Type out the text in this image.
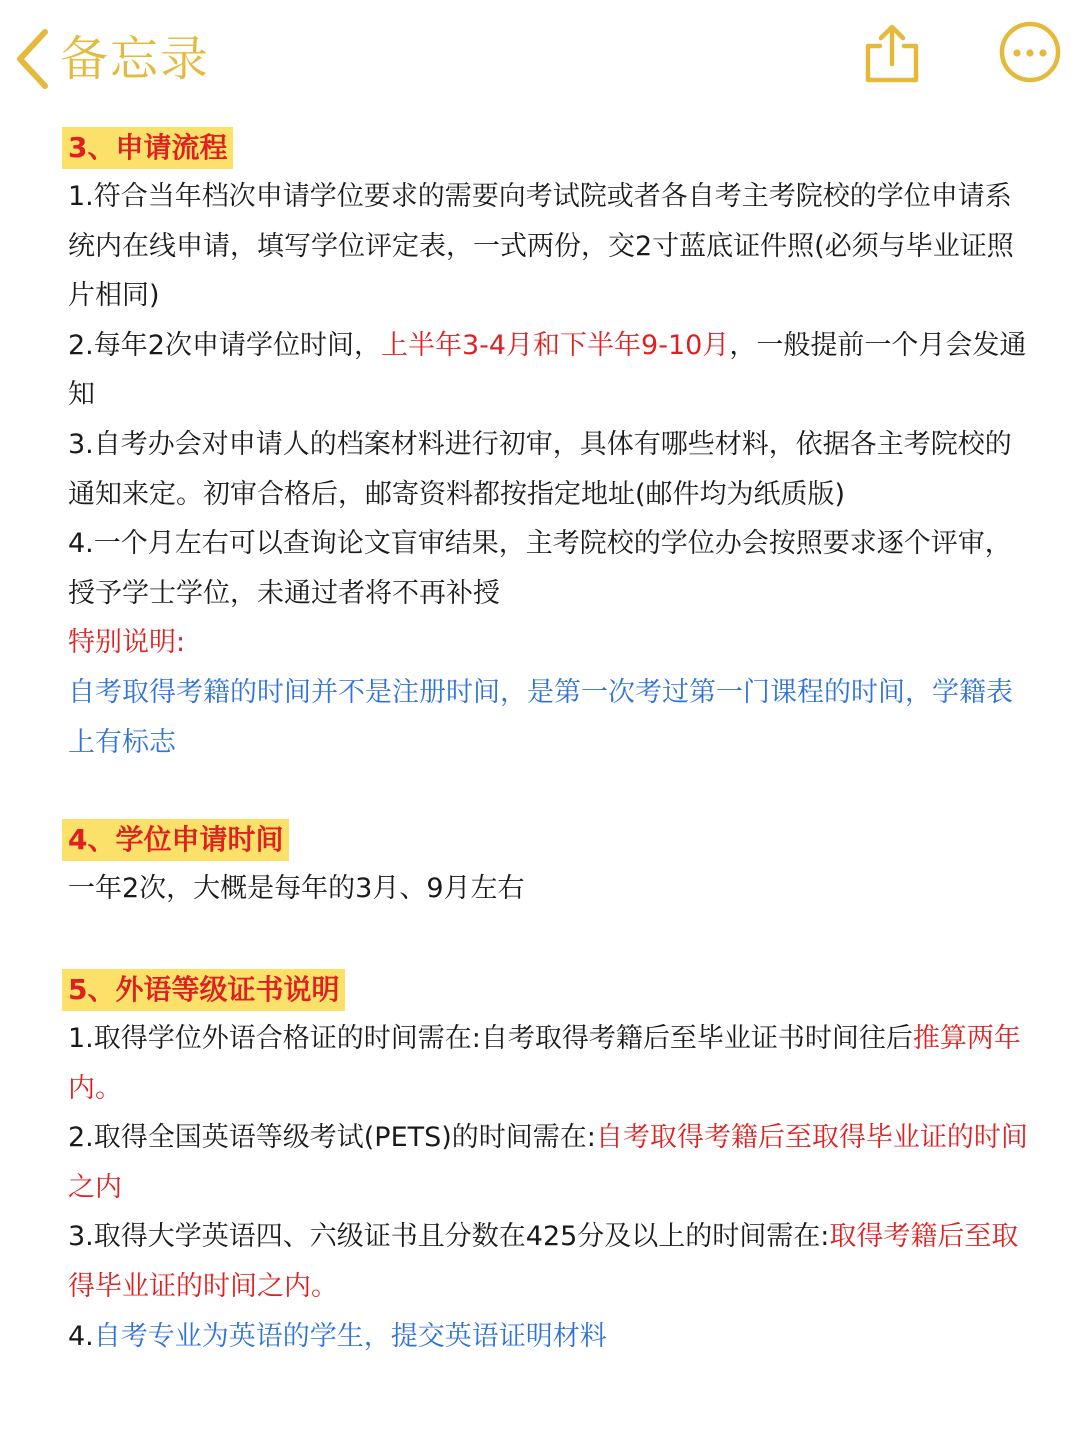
备忘录
3、申请流程

1.符合当年档次申请学位要求的需要向考试院或者各自考主考院校的学位申请系统内在线申请，填写学位评定表，一式两份，交2寸蓝底证件照(必须与毕业证照片相同)

2.每年2次申请学位时间，上半年3-4月和下半年9-10月，一般提前一个月会发通知

3.自考办会对申请人的档案材料进行初审，具体有哪些材料，依据各主考院校的通知来定。初审合格后，邮寄资料都按指定地址(邮件均为纸质版)

4.一个月左右可以查询论文盲审结果，主考院校的学位办会按照要求逐个评审，授予学士学位，未通过者将不再补授

特别说明:

自考取得考籍的时间并不是注册时间，是第一次考过第一门课程的时间，学籍表上有标志

4、学位申请时间

一年2次，大概是每年的3月、9月左右

5、外语等级证书说明

1.取得学位外语合格证的时间需在:自考取得考籍后至毕业证书时间往后推算两年内。

2.取得全国英语等级考试(PETS)的时间需在:自考取得考籍后至取得毕业证的时间之内

3.取得大学英语四、六级证书且分数在425分及以上的时间需在:取得考籍后至取得毕业证的时间之内。

4.自考专业为英语的学生，提交英语证明材料
